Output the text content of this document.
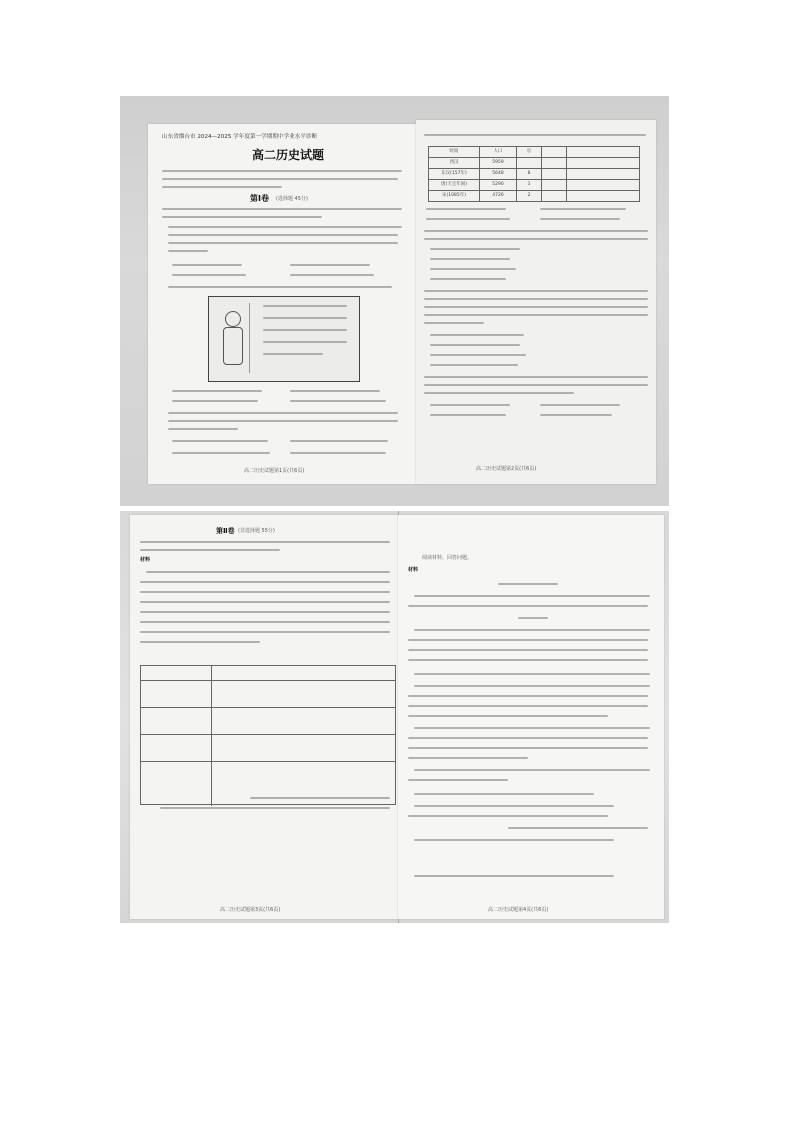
山东省烟台市 2024—2025 学年度第一学期期中学业水平诊断
高二历史试题
第Ⅰ卷 (选择题 45分)
高二历史试题第1页(共6页)
时间	人口	官
西汉	5959
东汉(157年)	5648	8
唐(天宝年间)	5290	1
宋(1085年)	4726	2
高二历史试题第2页(共6页)
第Ⅱ卷 (非选择题 55分)
材料
高二历史试题第3页(共6页)
阅读材料，回答问题。
材料
高二历史试题第4页(共6页)
